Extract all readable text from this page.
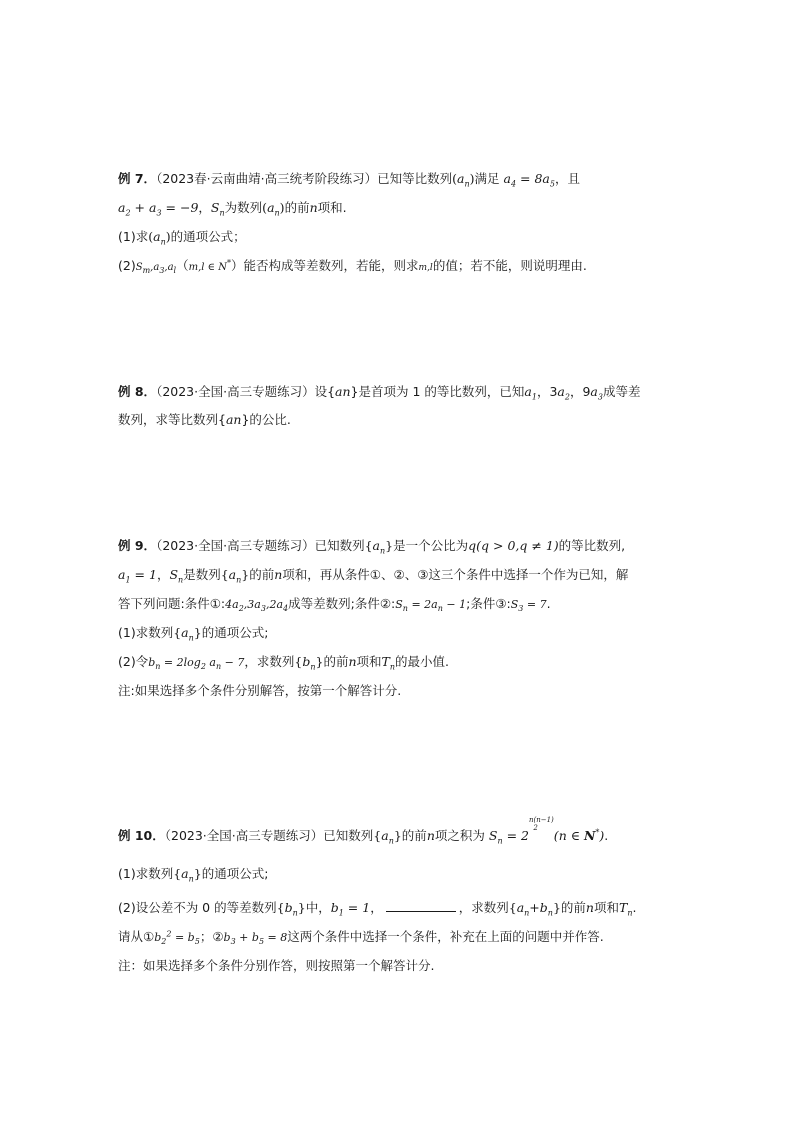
例 7．（2023春·云南曲靖·高三统考阶段练习）已知等比数列$(a_n)$满足 $a_4 = 8a_5$，且
$a_2 + a_3 = -9$，$S_n$为数列$(a_n)$的前n项和.
(1)求$(a_n)$的通项公式；
$(2)S_m,a_3,a_l(m,l$ ∈ N*）能否构成等差数列，若能，则求m,l的值；若不能，则说明理由.
例 8．（2023·全国·高三专题练习）设{an}是首项为 1 的等比数列，已知$a_1$，$3a_2$，$9a_3$成等差
数列，求等比数列{an}的公比.
例 9．（2023·全国·高三专题练习）已知数列$\{a_n\}$是一个公比为q(q > 0,q ≠ 1)的等比数列,
$a_1 = 1$，$S_n$是数列$\{a_n\}$的前n项和，再从条件①、②、③这三个条件中选择一个作为已知，解
答下列问题:条件$①:4a_2,3a_3,2a_4$成等差数列;条件$②:S_n = 2a_n - 1$;条件$③:S_3 = 7$.
(1)求数列$\{a_n\}$的通项公式;
(2)令$b_n = 2\log_2$ $a_n - 7$，求数列$\{b_n\}$的前n项和$T_n$的最小值.
注:如果选择多个条件分别解答，按第一个解答计分.
例 10．（2023·全国·高三专题练习）已知数列$\{a_n\}$的前n项之积为 $S_n = 2n(n-1)$
2 (n ∈ N*).
(1)求数列$\{a_n\}$的通项公式;
(2)设公差不为 0 的等差数列$\{b_n\}$中，$b_1 = 1$，	，求数列$\{a_n+b_n\}$的前n项和$T_n$.
请从$①b_2^2 = b_5$；$②b_3 + b_5 = 8$这两个条件中选择一个条件，补充在上面的问题中并作答.
注：如果选择多个条件分别作答，则按照第一个解答计分.
